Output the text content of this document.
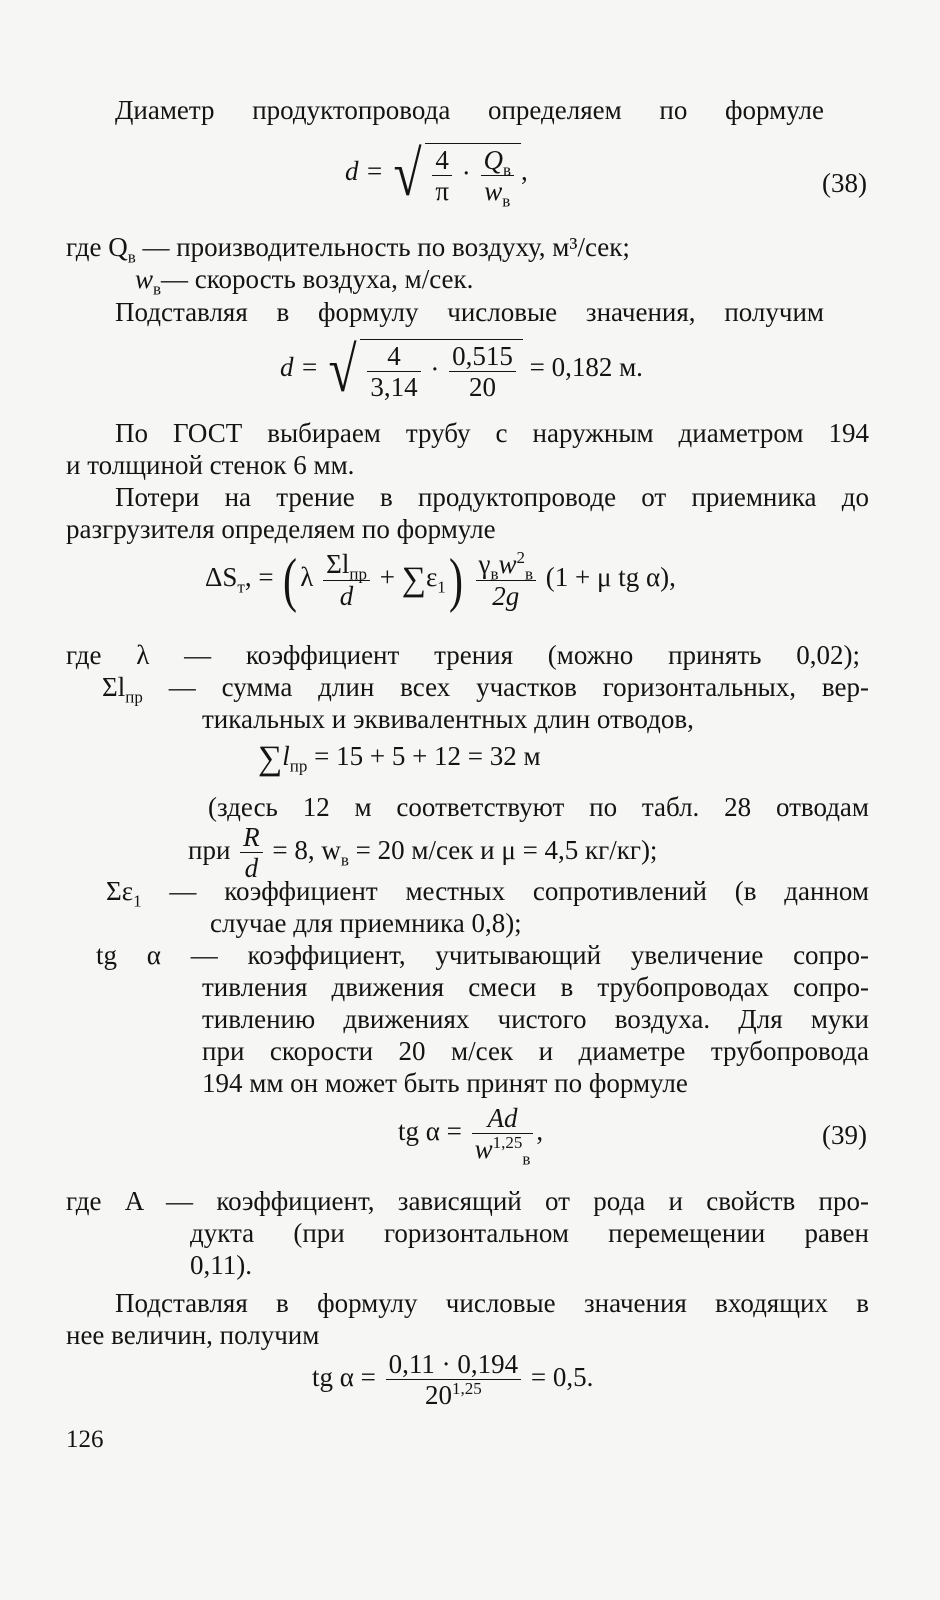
Диаметр продуктопровода определяем по формуле
d = √ $\frac{4}{\pi} \cdot \frac{Q_в}{w_в}$ ,	(38)
где $Q_в$ — производительность по воздуху, м³/сек;
$w_в—$ скорость воздуха, м/сек.
Подставляя в формулу числовые значения, получим
d = √ $\frac{4}{3,14} \cdot \frac{0,515}{20} = 0,182$ м.
По ГОСТ выбираем трубу с наружным диаметром 194
и толщиной стенок 6 мм.
Потери на трение в продуктопроводе от приемника до
разгрузителя определяем по формуле
$\Delta S_т$, = ( λ $\frac{\Sigma l_{пр}}{d} + \sum\varepsilon_1) \frac{\gamma_вw^2_в}{2g} (1 + \mu$ tg α),
где λ — коэффициент трения (можно принять 0,02);
$\Sigma l_{пр}$ — сумма длин всех участков горизонтальных, вер-
тикальных и эквивалентных длин отводов,
$\sum l_{пр} = 15 + 5 + 12 = 32$ м
(здесь 12 м соответствуют по табл. 28 отводам
при $\frac{R}{d} = 8$, $w_в = 20$ м/сек и μ = 4,5 кг/кг);
$\Sigma\varepsilon_1$ — коэффициент местных сопротивлений (в данном
случае для приемника 0,8);
tg α — коэффициент, учитывающий увеличение сопро-
тивления движения смеси в трубопроводах сопро-
тивлению движениях чистого воздуха. Для муки
при скорости 20 м/сек и диаметре трубопровода
194 мм он может быть принят по формуле
tg $\alpha = \frac{Ad}{w^{1,25}_в}$ ,	(39)
где A — коэффициент, зависящий от рода и свойств про-
дукта (при горизонтальном перемещении равен
0,11).
Подставляя в формулу числовые значения входящих в
нее величин, получим
tg $\alpha = \frac{0,11 \cdot 0,194}{20^{1,25}} = 0,5$.
126
